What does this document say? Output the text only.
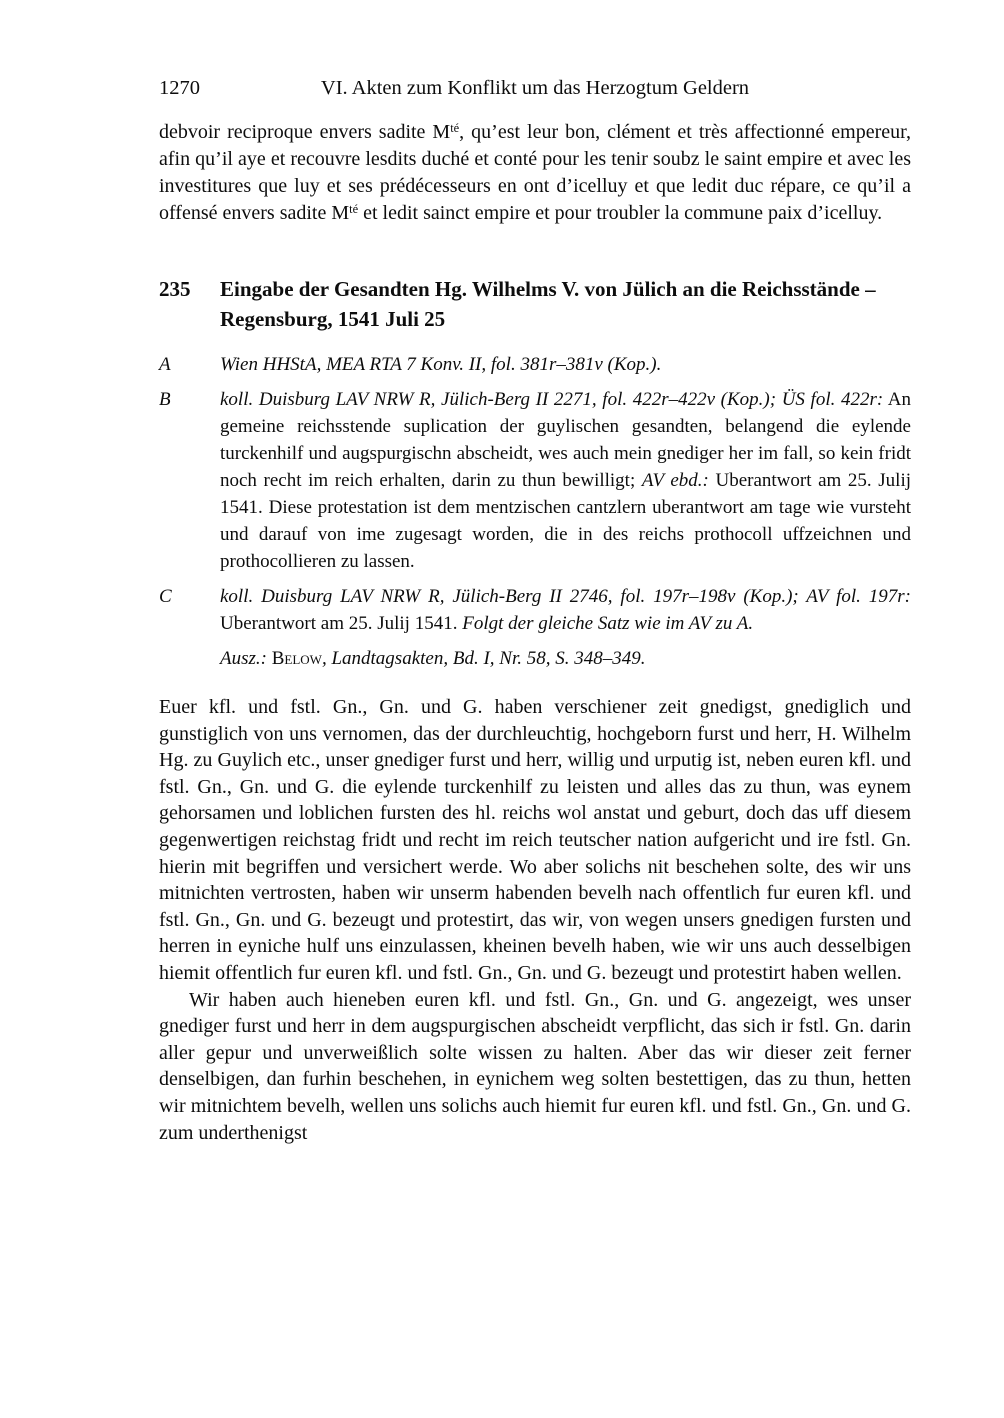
1270	VI. Akten zum Konflikt um das Herzogtum Geldern

debvoir reciproque envers sadite $M^{té}$, qu’est leur bon, clément et très affectionné empereur, afin qu’il aye et recouvre lesdits duché et conté pour les tenir soubz le saint empire et avec les investitures que luy et ses prédécesseurs en ont d’icelluy et que ledit duc répare, ce qu’il a offensé envers sadite $M^{té}$ et ledit sainct empire et pour troubler la commune paix d’icelluy.

235	Eingabe der Gesandten Hg. Wilhelms V. von Jülich an die Reichsstände – Regensburg, 1541 Juli 25
A	Wien HHStA, MEA RTA 7 Konv. II, fol. 381r–381v (Kop.).
B	koll. Duisburg LAV NRW R, Jülich-Berg II 2271, fol. 422r–422v (Kop.); ÜS fol. 422r: An gemeine reichsstende suplication der guylischen gesandten, belangend die eylende turckenhilf und augspurgischn abscheidt, wes auch mein gnediger her im fall, so kein fridt noch recht im reich erhalten, darin zu thun bewilligt; AV ebd.: Uberantwort am 25. Julij 1541. Diese protestation ist dem mentzischen cantzlern uberantwort am tage wie vursteht und darauf von ime zugesagt worden, die in des reichs prothocoll uffzeichnen und prothocollieren zu lassen.
C	koll. Duisburg LAV NRW R, Jülich-Berg II 2746, fol. 197r–198v (Kop.); AV fol. 197r: Uberantwort am 25. Julij 1541. Folgt der gleiche Satz wie im AV zu A.
Ausz.: Below, Landtagsakten, Bd. I, Nr. 58, S. 348–349.

Euer kfl. und fstl. Gn., Gn. und G. haben verschiener zeit gnedigst, gnediglich und gunstiglich von uns vernomen, das der durchleuchtig, hochgeborn furst und herr, H. Wilhelm Hg. zu Guylich etc., unser gnediger furst und herr, willig und urputig ist, neben euren kfl. und fstl. Gn., Gn. und G. die eylende turckenhilf zu leisten und alles das zu thun, was eynem gehorsamen und loblichen fursten des hl. reichs wol anstat und geburt, doch das uff diesem gegenwertigen reichstag fridt und recht im reich teutscher nation aufgericht und ire fstl. Gn. hierin mit begriffen und versichert werde. Wo aber solichs nit beschehen solte, des wir uns mitnichten vertrosten, haben wir unserm habenden bevelh nach offentlich fur euren kfl. und fstl. Gn., Gn. und G. bezeugt und protestirt, das wir, von wegen unsers gnedigen fursten und herren in eyniche hulf uns einzulassen, kheinen bevelh haben, wie wir uns auch desselbigen hiemit offentlich fur euren kfl. und fstl. Gn., Gn. und G. bezeugt und protestirt haben wellen.

Wir haben auch hieneben euren kfl. und fstl. Gn., Gn. und G. angezeigt, wes unser gnediger furst und herr in dem augspurgischen abscheidt verpflicht, das sich ir fstl. Gn. darin aller gepur und unverweißlich solte wissen zu halten. Aber das wir dieser zeit ferner denselbigen, dan furhin beschehen, in eynichem weg solten bestettigen, das zu thun, hetten wir mitnichtem bevelh, wellen uns solichs auch hiemit fur euren kfl. und fstl. Gn., Gn. und G. zum underthenigst
